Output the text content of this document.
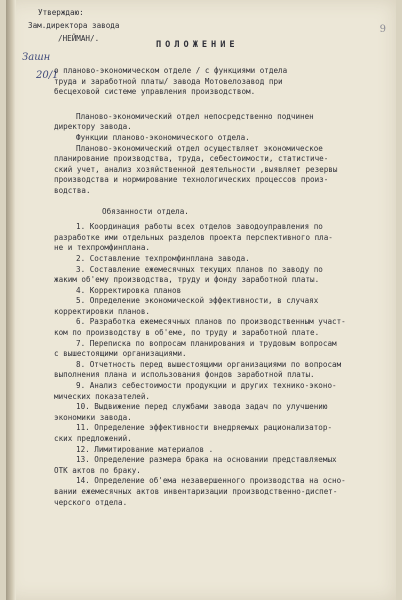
9
Утверждаю:
Зам.директора завода
/НЕЙМАН/.
ПОЛОЖЕНИЕ
Зашн
20/1
о планово-экономическом отделе / с функциями отдела
труда и заработной платы/ завода Мотовелозавод при
бесцеховой системе управления производством.
Планово-экономический отдел непосредственно подчинен
директору завода.
Функции планово-экономического отдела.
Планово-экономический отдел осуществляет экономическое
планирование производства, труда, себестоимости, статистиче-
ский учет, анализ хозяйственной деятельности ,выявляет резервы
производства и нормирование технологических процессов произ-
водства.
Обязанности отдела.
1. Координация работы всех отделов заводоуправления по
разработке ими отдельных разделов проекта перспективного пла-
не и техпромфинплана.
2. Составление техпромфинплана завода.
3. Составление ежемесячных текущих планов по заводу по
жаким об'ему производства, труду и фонду заработной платы.
4. Корректировка планов
5. Определение экономической эффективности, в случаях
корректировки планов.
6. Разработка ежемесячных планов по производственным участ-
ком по производству в об'еме, по труду и заработной плате.
7. Переписка по вопросам планирования и трудовым вопросам
с вышестоящими организациями.
8. Отчетность перед вышестоящими организациями по вопросам
выполнения плана и использования фондов заработной платы.
9. Анализ себестоимости продукции и других технико-эконо-
мических показателей.
10. Выдвижение перед службами завода задач по улучшению
экономики завода.
11. Определение эффективности внедряемых рационализатор-
ских предложений.
12. Лимитирование материалов .
13. Определение размера брака на основании представляемых
ОТК актов по браку.
14. Определение об'ема незавершенного производства на осно-
вании ежемесячных актов инвентаризации производственно-диспет-
черского отдела.
